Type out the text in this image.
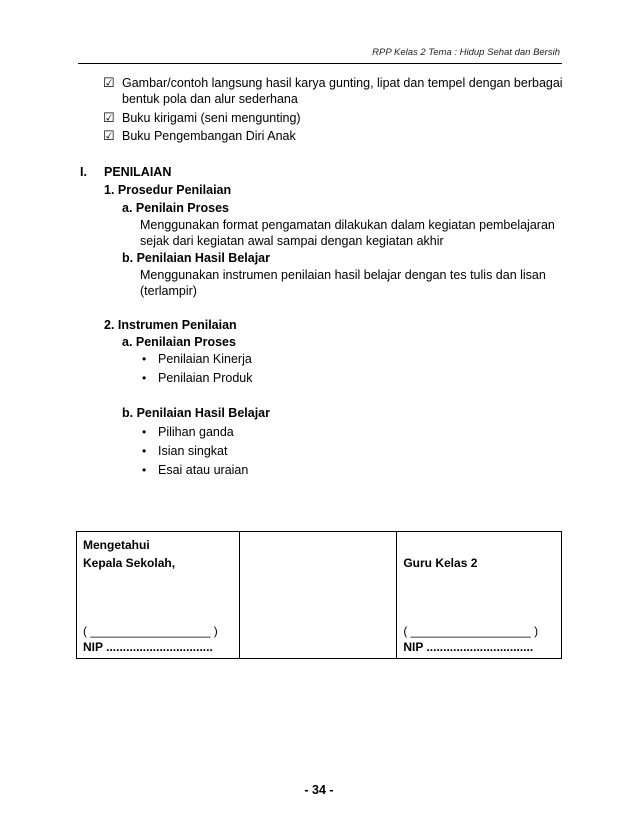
RPP Kelas 2 Tema : Hidup Sehat dan Bersih
☑ Gambar/contoh langsung hasil karya gunting, lipat dan tempel dengan berbagai
bentuk pola dan alur sederhana
☑ Buku kirigami (seni mengunting)
☑ Buku Pengembangan Diri Anak
I. PENILAIAN
1. Prosedur Penilaian
a. Penilain Proses
Menggunakan format pengamatan dilakukan dalam kegiatan pembelajaran
sejak dari kegiatan awal sampai dengan kegiatan akhir
b. Penilaian Hasil Belajar
Menggunakan instrumen penilaian hasil belajar dengan tes tulis dan lisan
(terlampir)
2. Instrumen Penilaian
a. Penilaian Proses
• Penilaian Kinerja
• Penilaian Produk
b. Penilaian Hasil Belajar
• Pilihan ganda
• Isian singkat
• Esai atau uraian
Mengetahui
Kepala Sekolah,
( __________________ )
NIP ................................

Guru Kelas 2
( __________________ )
NIP ................................
- 34 -
